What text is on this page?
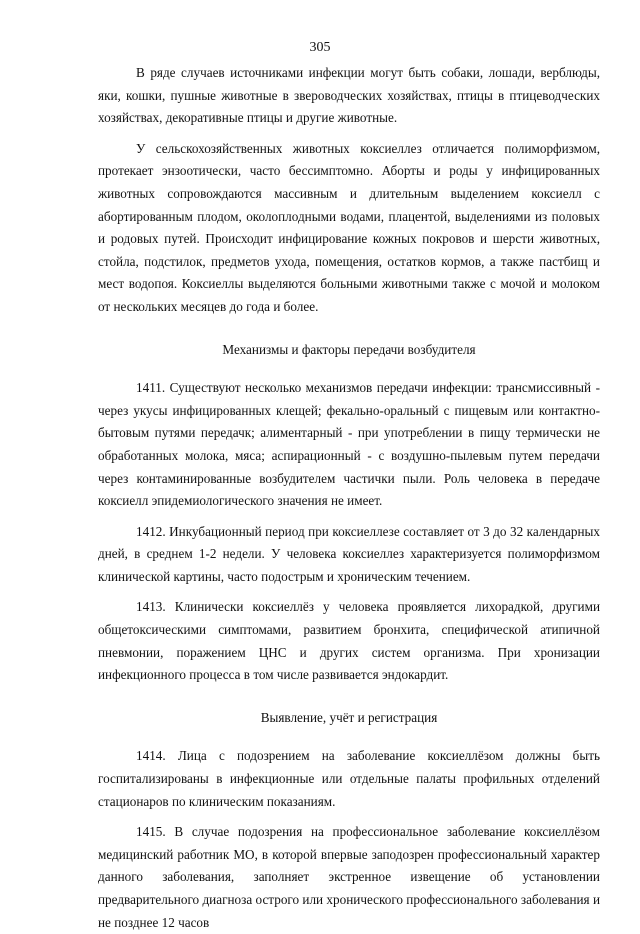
305

В ряде случаев источниками инфекции могут быть собаки, лошади, верблюды, яки, кошки, пушные животные в звероводческих хозяйствах, птицы в птицеводческих хозяйствах, декоративные птицы и другие животные.

У сельскохозяйственных животных коксиеллез отличается полиморфизмом, протекает энзоотически, часто бессимптомно. Аборты и роды у инфицированных животных сопровождаются массивным и длительным выделением коксиелл с абортированным плодом, околоплодными водами, плацентой, выделениями из половых и родовых путей. Происходит инфицирование кожных покровов и шерсти животных, стойла, подстилок, предметов ухода, помещения, остатков кормов, а также пастбищ и мест водопоя. Коксиеллы выделяются больными животными также с мочой и молоком от нескольких месяцев до года и более.

Механизмы и факторы передачи возбудителя

1411. Существуют несколько механизмов передачи инфекции: трансмиссивный - через укусы инфицированных клещей; фекально-оральный с пищевым или контактно-бытовым путями передачк; алиментарный - при употреблении в пищу термически не обработанных молока, мяса; аспирационный - с воздушно-пылевым путем передачи через контаминированные возбудителем частички пыли. Роль человека в передаче коксиелл эпидемиологического значения не имеет.

1412. Инкубационный период при коксиеллезе составляет от 3 до 32 календарных дней, в среднем 1-2 недели. У человека коксиеллез характеризуется полиморфизмом клинической картины, часто подострым и хроническим течением.

1413. Клинически коксиеллёз у человека проявляется лихорадкой, другими общетоксическими симптомами, развитием бронхита, специфической атипичной пневмонии, поражением ЦНС и других систем организма. При хронизации инфекционного процесса в том числе развивается эндокардит.

Выявление, учёт и регистрация

1414. Лица с подозрением на заболевание коксиеллёзом должны быть госпитализированы в инфекционные или отдельные палаты профильных отделений стационаров по клиническим показаниям.

1415. В случае подозрения на профессиональное заболевание коксиеллёзом медицинский работник МО, в которой впервые заподозрен профессиональный характер данного заболевания, заполняет экстренное извещение об установлении предварительного диагноза острого или хронического профессионального заболевания и не позднее 12 часов
